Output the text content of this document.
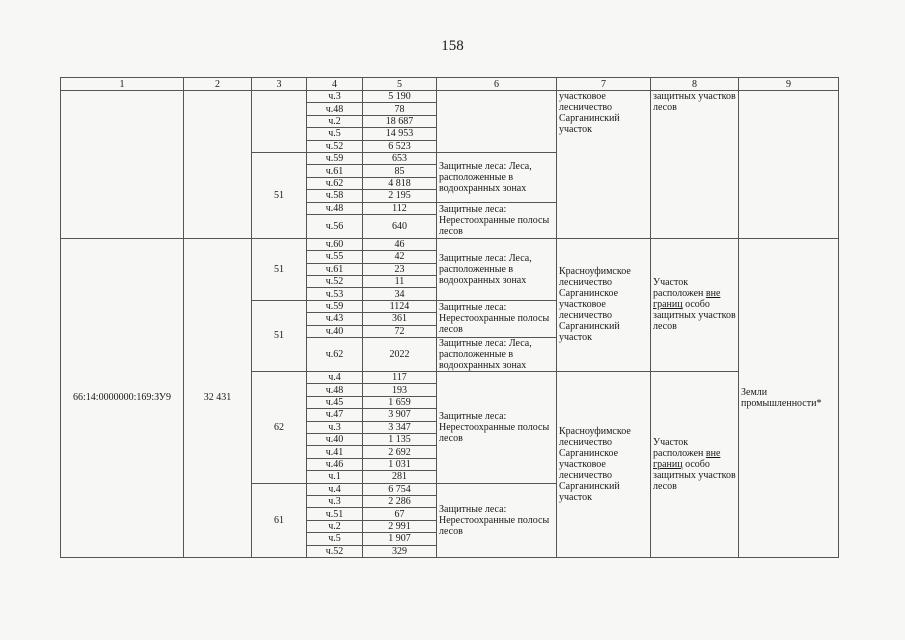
158
1	2	3	4	5	6	7	8	9
			ч.3	5 190		участковое лесничество Сарганинский участок	защитных участков лесов	
			ч.48	78				
			ч.2	18 687				
			ч.5	14 953				
			ч.52	6 523				
		51	ч.59	653	Защитные леса: Леса, расположенные в водоохранных зонах			
			ч.61	85				
			ч.62	4 818				
			ч.58	2 195				
			ч.48	112	Защитные леса: Нерестоохранные полосы лесов			
			ч.56	640				
66:14:0000000:169:ЗУ9	32 431	51	ч.60	46	Защитные леса: Леса, расположенные в водоохранных зонах	Красноуфимское лесничество Сарганинское участковое лесничество Сарганинский участок	Участок расположен вне границ особо защитных участков лесов	Земли промышленности*
			ч.55	42				
			ч.61	23				
			ч.52	11				
			ч.53	34				
		51	ч.59	1124	Защитные леса: Нерестоохранные полосы лесов			
			ч.43	361				
			ч.40	72				
			ч.62	2022	Защитные леса: Леса, расположенные в водоохранных зонах			
		62	ч.4	117	Защитные леса: Нерестоохранные полосы лесов	Красноуфимское лесничество Сарганинское участковое лесничество Сарганинский участок	Участок расположен вне границ особо защитных участков лесов	
			ч.48	193				
			ч.45	1 659				
			ч.47	3 907				
			ч.3	3 347				
			ч.40	1 135				
			ч.41	2 692				
			ч.46	1 031				
			ч.1	281				
		61	ч.4	6 754	Защитные леса: Нерестоохранные полосы лесов			
			ч.3	2 286				
			ч.51	67				
			ч.2	2 991				
			ч.5	1 907				
			ч.52	329				
